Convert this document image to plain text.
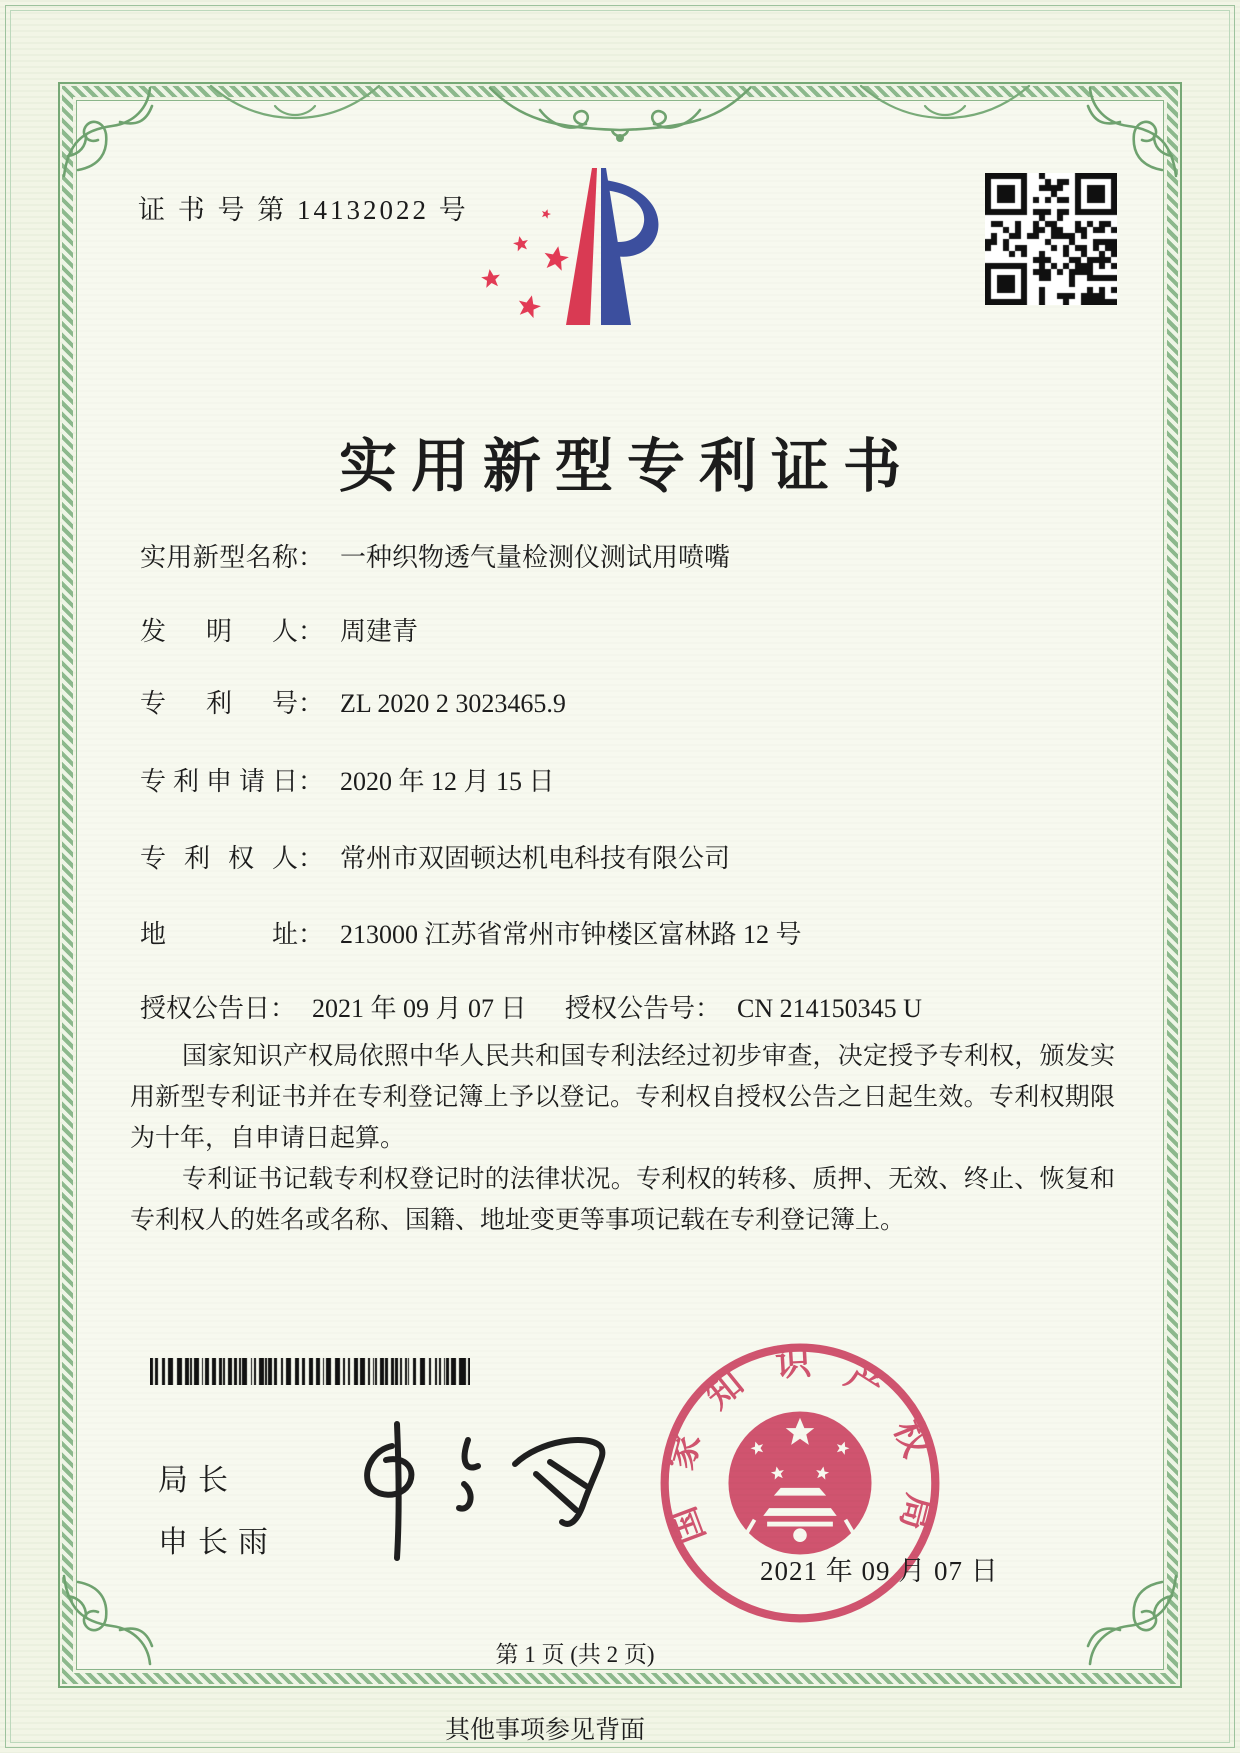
证 书 号 第 14132022 号
实用新型专利证书
实用新型名称： 一种织物透气量检测仪测试用喷嘴
发明人： 周建青
专利号： ZL 2020 2 3023465.9
专利申请日： 2020 年 12 月 15 日
专利权人： 常州市双固顿达机电科技有限公司
地址： 213000 江苏省常州市钟楼区富林路 12 号
授权公告日： 2021 年 09 月 07 日 授权公告号： CN 214150345 U

国家知识产权局依照中华人民共和国专利法经过初步审查，决定授予专利权，颁发实用新型专利证书并在专利登记簿上予以登记。专利权自授权公告之日起生效。专利权期限为十年，自申请日起算。

专利证书记载专利权登记时的法律状况。专利权的转移、质押、无效、终止、恢复和专利权人的姓名或名称、国籍、地址变更等事项记载在专利登记簿上。

局长
申长雨	国家知识产权局
2021 年 09 月 07 日
第 1 页 (共 2 页)
其他事项参见背面
